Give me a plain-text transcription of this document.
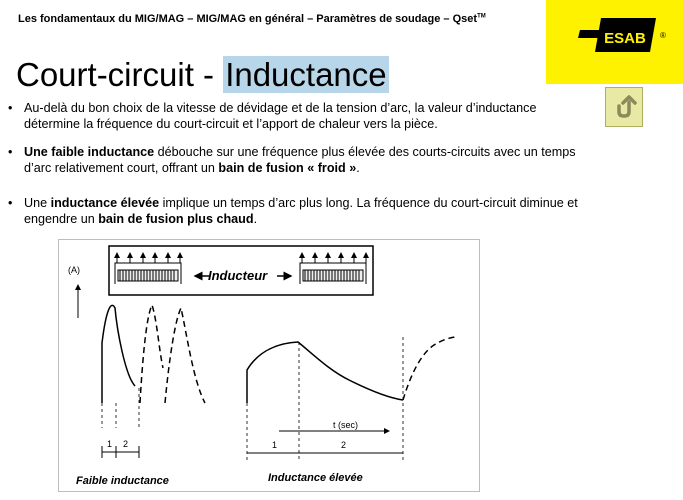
Les fondamentaux du MIG/MAG – MIG/MAG en général – Paramètres de soudage – Qset™
ESAB ®
Court-circuit - Inductance
• Au-delà du bon choix de la vitesse de dévidage et de la tension d’arc, la valeur d’inductance détermine la fréquence du court-circuit et l’apport de chaleur vers la pièce.
• Une faible inductance débouche sur une fréquence plus élevée des courts-circuits avec un temps d’arc relativement court, offrant un bain de fusion « froid ».
• Une inductance élevée implique un temps d’arc plus long. La fréquence du court-circuit diminue et engendre un bain de fusion plus chaud.
(A)	Inducteur
t (sec)
1 2	1	2
Faible inductance	Inductance élevée
